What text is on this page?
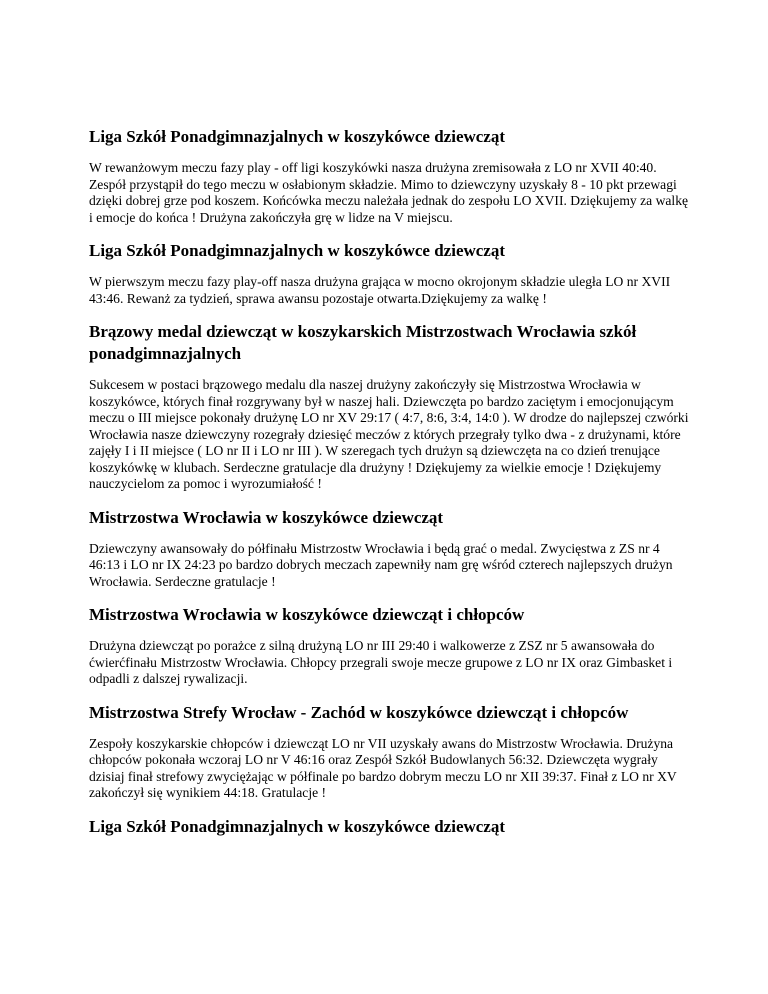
Liga Szkół Ponadgimnazjalnych w koszykówce dziewcząt

W rewanżowym meczu fazy play - off ligi koszykówki nasza drużyna zremisowała z LO nr XVII 40:40. Zespół przystąpił do tego meczu w osłabionym składzie. Mimo to dziewczyny uzyskały 8 - 10 pkt przewagi dzięki dobrej grze pod koszem. Końcówka meczu należała jednak do zespołu LO XVII. Dziękujemy za walkę i emocje do końca ! Drużyna zakończyła grę w lidze na V miejscu.

Liga Szkół Ponadgimnazjalnych w koszykówce dziewcząt

W pierwszym meczu fazy play-off nasza drużyna grająca w mocno okrojonym składzie uległa LO nr XVII 43:46. Rewanż za tydzień, sprawa awansu pozostaje otwarta.Dziękujemy za walkę !

Brązowy medal dziewcząt w koszykarskich Mistrzostwach Wrocławia szkół ponadgimnazjalnych

Sukcesem w postaci brązowego medalu dla naszej drużyny zakończyły się Mistrzostwa Wrocławia w koszykówce, których finał rozgrywany był w naszej hali. Dziewczęta po bardzo zaciętym i emocjonującym meczu o III miejsce pokonały drużynę LO nr XV 29:17 ( 4:7, 8:6, 3:4, 14:0 ). W drodze do najlepszej czwórki Wrocławia nasze dziewczyny rozegrały dziesięć meczów z których przegrały tylko dwa - z drużynami, które zajęły I i II miejsce ( LO nr II i LO nr III ). W szeregach tych drużyn są dziewczęta na co dzień trenujące koszykówkę w klubach. Serdeczne gratulacje dla drużyny ! Dziękujemy za wielkie emocje ! Dziękujemy nauczycielom za pomoc i wyrozumiałość !

Mistrzostwa Wrocławia w koszykówce dziewcząt

Dziewczyny awansowały do półfinału Mistrzostw Wrocławia i będą grać o medal. Zwycięstwa z ZS nr 4 46:13 i LO nr IX 24:23 po bardzo dobrych meczach zapewniły nam grę wśród czterech najlepszych drużyn Wrocławia. Serdeczne gratulacje !

Mistrzostwa Wrocławia w koszykówce dziewcząt i chłopców

Drużyna dziewcząt po porażce z silną drużyną LO nr III 29:40 i walkowerze z ZSZ nr 5 awansowała do ćwierćfinału Mistrzostw Wrocławia. Chłopcy przegrali swoje mecze grupowe z LO nr IX oraz Gimbasket i odpadli z dalszej rywalizacji.

Mistrzostwa Strefy Wrocław - Zachód w koszykówce dziewcząt i chłopców

Zespoły koszykarskie chłopców i dziewcząt LO nr VII uzyskały awans do Mistrzostw Wrocławia. Drużyna chłopców pokonała wczoraj LO nr V 46:16 oraz Zespół Szkół Budowlanych 56:32. Dziewczęta wygrały dzisiaj finał strefowy zwyciężając w półfinale po bardzo dobrym meczu LO nr XII 39:37. Finał z LO nr XV zakończył się wynikiem 44:18. Gratulacje !

Liga Szkół Ponadgimnazjalnych w koszykówce dziewcząt
